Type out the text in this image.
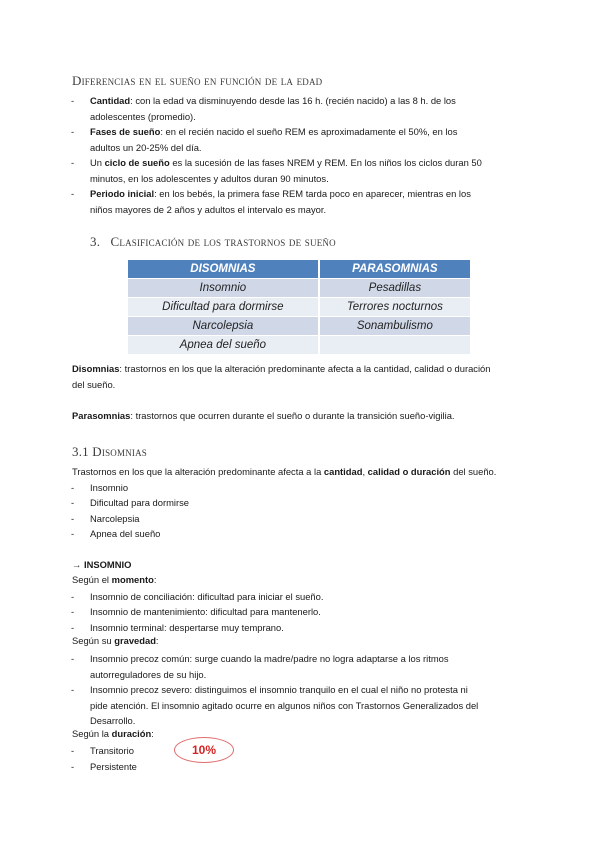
Diferencias en el sueño en función de la edad
- Cantidad: con la edad va disminuyendo desde las 16 h. (recién nacido) a las 8 h. de los
adolescentes (promedio).
- Fases de sueño: en el recién nacido el sueño REM es aproximadamente el 50%, en los
adultos un 20-25% del día.
- Un ciclo de sueño es la sucesión de las fases NREM y REM. En los niños los ciclos duran 50
minutos, en los adolescentes y adultos duran 90 minutos.
- Periodo inicial: en los bebés, la primera fase REM tarda poco en aparecer, mientras en los
niños mayores de 2 años y adultos el intervalo es mayor.
3. Clasificación de los trastornos de sueño
DISOMNIAS	PARASOMNIAS
Insomnio	Pesadillas
Dificultad para dormirse	Terrores nocturnos
Narcolepsia	Sonambulismo
Apnea del sueño	
Disomnias: trastornos en los que la alteración predominante afecta a la cantidad, calidad o duración
del sueño.
Parasomnias: trastornos que ocurren durante el sueño o durante la transición sueño-vigilia.
3.1 Disomnias
Trastornos en los que la alteración predominante afecta a la cantidad, calidad o duración del sueño.
- Insomnio
- Dificultad para dormirse
- Narcolepsia
- Apnea del sueño
→ INSOMNIO
Según el momento:
- Insomnio de conciliación: dificultad para iniciar el sueño.
- Insomnio de mantenimiento: dificultad para mantenerlo.
- Insomnio terminal: despertarse muy temprano.
Según su gravedad:
- Insomnio precoz común: surge cuando la madre/padre no logra adaptarse a los ritmos
autorreguladores de su hijo.
- Insomnio precoz severo: distinguimos el insomnio tranquilo en el cual el niño no protesta ni
pide atención. El insomnio agitado ocurre en algunos niños con Trastornos Generalizados del
Desarrollo.
Según la duración:
- Transitorio
- Persistente
10%
